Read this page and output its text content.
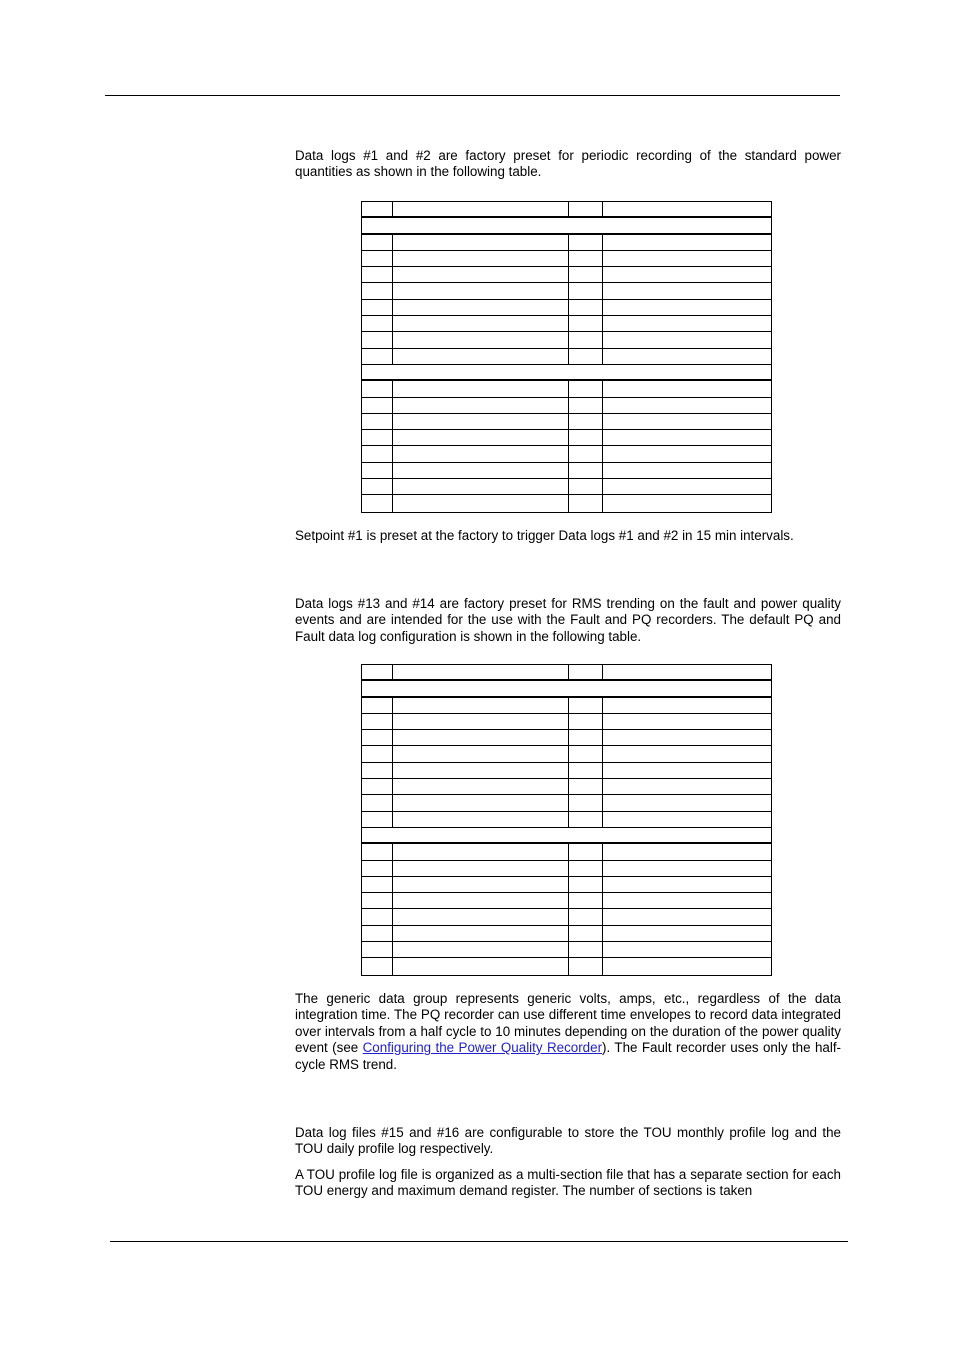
Data logs #1 and #2 are factory preset for periodic recording of the standard power quantities as shown in the following table.

Setpoint #1 is preset at the factory to trigger Data logs #1 and #2 in 15 min intervals.

Data logs #13 and #14 are factory preset for RMS trending on the fault and power quality events and are intended for the use with the Fault and PQ recorders. The default PQ and Fault data log configuration is shown in the following table.

The generic data group represents generic volts, amps, etc., regardless of the data integration time. The PQ recorder can use different time envelopes to record data integrated over intervals from a half cycle to 10 minutes depending on the duration of the power quality event (see Configuring the Power Quality Recorder). The Fault recorder uses only the half-cycle RMS trend.

Data log files #15 and #16 are configurable to store the TOU monthly profile log and the TOU daily profile log respectively.

A TOU profile log file is organized as a multi-section file that has a separate section for each TOU energy and maximum demand register. The number of sections is taken
